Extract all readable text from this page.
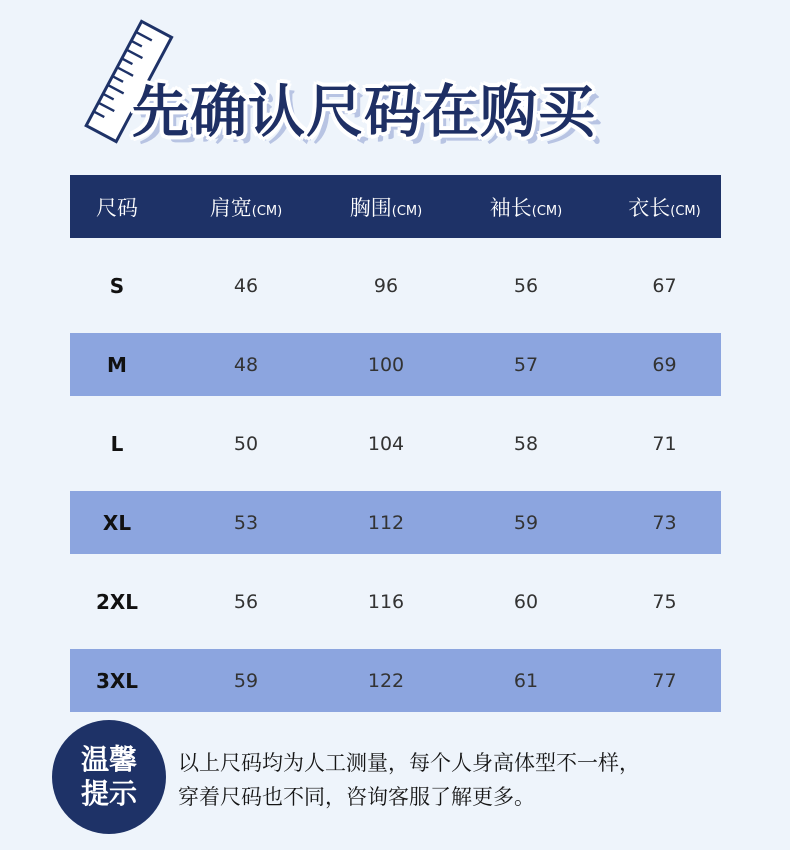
先确认尺码在购买
尺码	肩宽(CM)	胸围(CM)	袖长(CM)	衣长(CM)
S	46	96	56	67
M	48	100	57	69
L	50	104	58	71
XL	53	112	59	73
2XL	56	116	60	75
3XL	59	122	61	77
温馨
提示
以上尺码均为人工测量，每个人身高体型不一样，
穿着尺码也不同，咨询客服了解更多。
